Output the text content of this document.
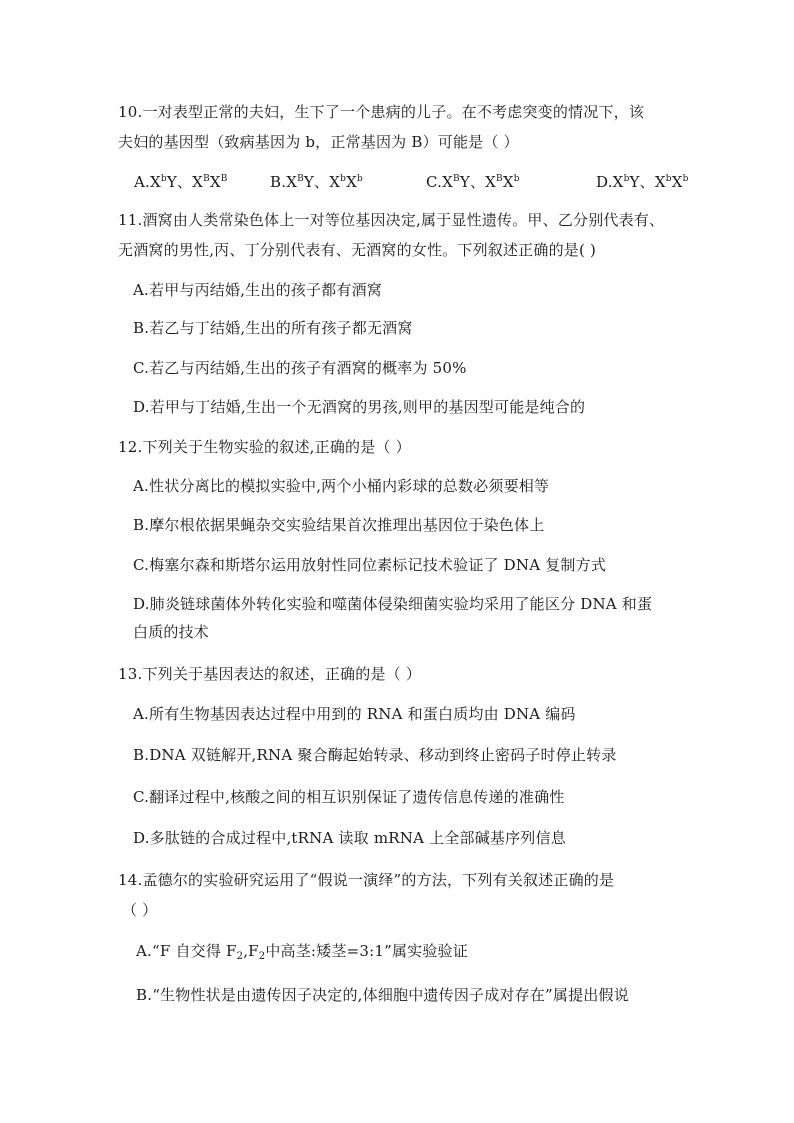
10.一对表型正常的夫妇，生下了一个患病的儿子。在不考虑突变的情况下，该
夫妇的基因型（致病基因为 b，正常基因为 B）可能是（ ）
$A.X^bY$、$X^BX^B$	$B.X^BY$、$X^bX^b$	$C.X^BY$、$X^BX^b$	$D.X^bY$、$X^bX^b$
11.酒窝由人类常染色体上一对等位基因决定,属于显性遗传。甲、乙分别代表有、
无酒窝的男性,丙、丁分别代表有、无酒窝的女性。下列叙述正确的是( )
A.若甲与丙结婚,生出的孩子都有酒窝
B.若乙与丁结婚,生出的所有孩子都无酒窝
C.若乙与丙结婚,生出的孩子有酒窝的概率为 50%
D.若甲与丁结婚,生出一个无酒窝的男孩,则甲的基因型可能是纯合的
12.下列关于生物实验的叙述,正确的是（ ）
A.性状分离比的模拟实验中,两个小桶内彩球的总数必须要相等
B.摩尔根依据果蝇杂交实验结果首次推理出基因位于染色体上
C.梅塞尔森和斯塔尔运用放射性同位素标记技术验证了 DNA 复制方式
D.肺炎链球菌体外转化实验和噬菌体侵染细菌实验均采用了能区分 DNA 和蛋
白质的技术
13.下列关于基因表达的叙述，正确的是（ ）
A.所有生物基因表达过程中用到的 RNA 和蛋白质均由 DNA 编码
B.DNA 双链解开,RNA 聚合酶起始转录、移动到终止密码子时停止转录
C.翻译过程中,核酸之间的相互识别保证了遗传信息传递的准确性
D.多肽链的合成过程中,tRNA 读取 mRNA 上全部碱基序列信息
14.孟德尔的实验研究运用了“假说一演绎”的方法，下列有关叙述正确的是
（ ）
A.“F 自交得 $F_2,F_2$中高茎:矮茎=3:1”属实验验证
B.“生物性状是由遗传因子决定的,体细胞中遗传因子成对存在”属提出假说
